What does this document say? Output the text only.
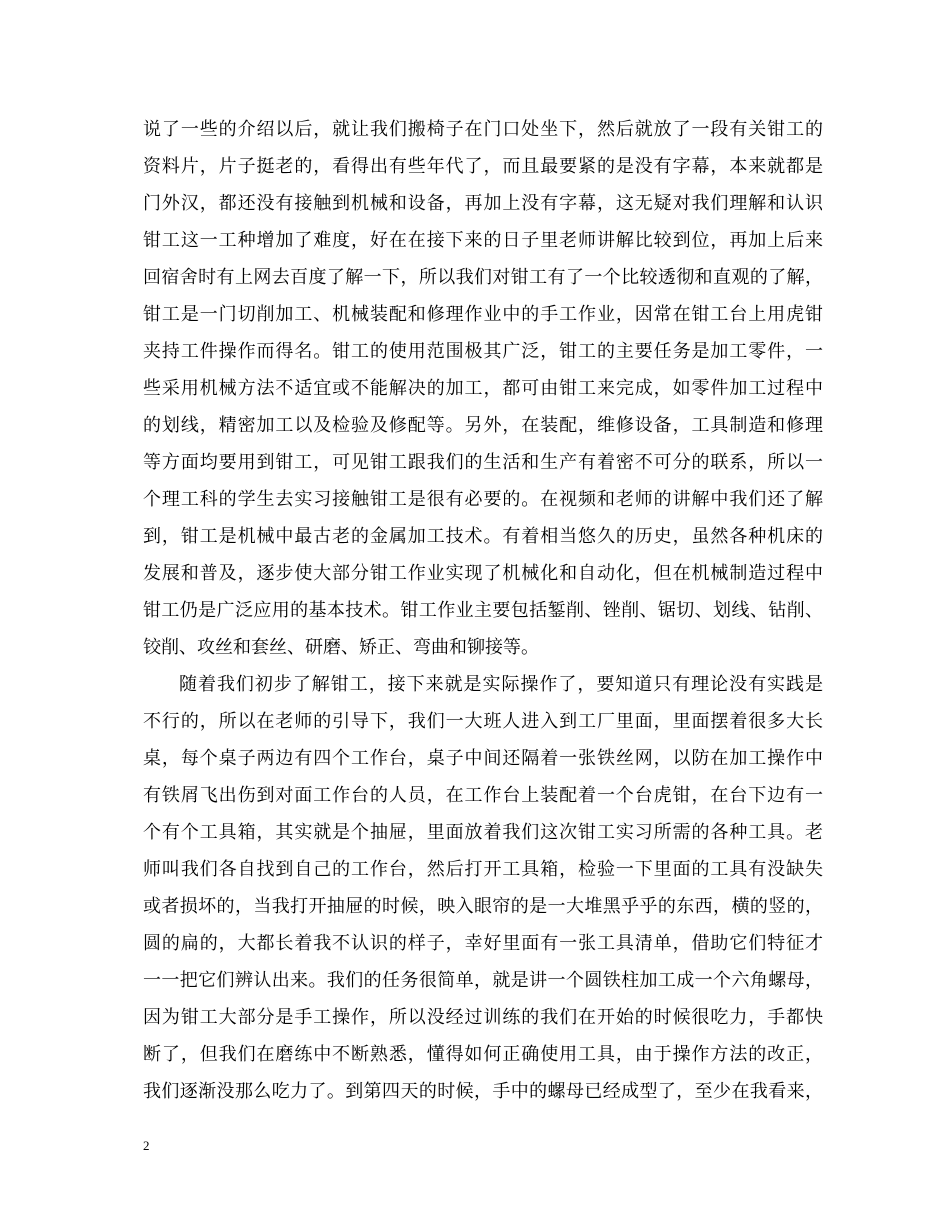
说了一些的介绍以后，就让我们搬椅子在门口处坐下，然后就放了一段有关钳工的
资料片，片子挺老的，看得出有些年代了，而且最要紧的是没有字幕，本来就都是
门外汉，都还没有接触到机械和设备，再加上没有字幕，这无疑对我们理解和认识
钳工这一工种增加了难度，好在在接下来的日子里老师讲解比较到位，再加上后来
回宿舍时有上网去百度了解一下，所以我们对钳工有了一个比较透彻和直观的了解，
钳工是一门切削加工、机械装配和修理作业中的手工作业，因常在钳工台上用虎钳
夹持工件操作而得名。钳工的使用范围极其广泛，钳工的主要任务是加工零件，一
些采用机械方法不适宜或不能解决的加工，都可由钳工来完成，如零件加工过程中
的划线，精密加工以及检验及修配等。另外，在装配，维修设备，工具制造和修理
等方面均要用到钳工，可见钳工跟我们的生活和生产有着密不可分的联系，所以一
个理工科的学生去实习接触钳工是很有必要的。在视频和老师的讲解中我们还了解
到，钳工是机械中最古老的金属加工技术。有着相当悠久的历史，虽然各种机床的
发展和普及，逐步使大部分钳工作业实现了机械化和自动化，但在机械制造过程中
钳工仍是广泛应用的基本技术。钳工作业主要包括錾削、锉削、锯切、划线、钻削、
铰削、攻丝和套丝、研磨、矫正、弯曲和铆接等。
随着我们初步了解钳工，接下来就是实际操作了，要知道只有理论没有实践是
不行的，所以在老师的引导下，我们一大班人进入到工厂里面，里面摆着很多大长
桌，每个桌子两边有四个工作台，桌子中间还隔着一张铁丝网，以防在加工操作中
有铁屑飞出伤到对面工作台的人员，在工作台上装配着一个台虎钳，在台下边有一
个有个工具箱，其实就是个抽屉，里面放着我们这次钳工实习所需的各种工具。老
师叫我们各自找到自己的工作台，然后打开工具箱，检验一下里面的工具有没缺失
或者损坏的，当我打开抽屉的时候，映入眼帘的是一大堆黑乎乎的东西，横的竖的，
圆的扁的，大都长着我不认识的样子，幸好里面有一张工具清单，借助它们特征才
一一把它们辨认出来。我们的任务很简单，就是讲一个圆铁柱加工成一个六角螺母，
因为钳工大部分是手工操作，所以没经过训练的我们在开始的时候很吃力，手都快
断了，但我们在磨练中不断熟悉，懂得如何正确使用工具，由于操作方法的改正，
我们逐渐没那么吃力了。到第四天的时候，手中的螺母已经成型了，至少在我看来，
2
